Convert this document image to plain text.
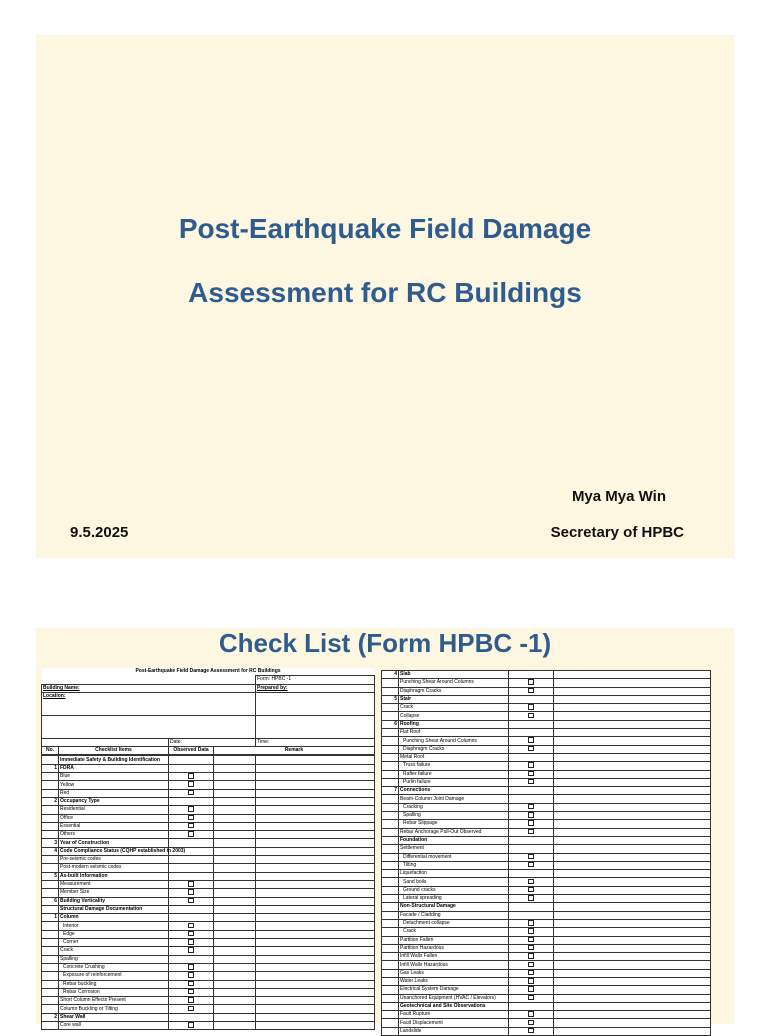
Post-Earthquake Field Damage
Assessment for RC Buildings
Mya Mya Win
9.5.2025	Secretary of HPBC
Check List (Form HPBC -1)
Post-Earthquake Field Damage Assessment for RC Buildings				
				Form: HPBC -1
Building Name:				Prepared by:
Location:				

		Date:		Time:
No.	Checklist Items	Observed Data	Remark	
	Immediate Safety & Building Identification			
1	FDRA			
	Blue			
	Yellow			
	Red			
2	Occupancy Type			
	Residential			
	Office			
	Essential			
	Others			
3	Year of Construction			
4	Code Compliance Status (CQHP established in 2003)			
	Pre-seismic codes			
	Post-modern seismic codes			
5	As-built Information			
	Measurement			
	Member Size			
6	Building Verticality			
	Structural Damage Documentation			
1	Column			
	Interior			
	Edge			
	Corner			
	Crack			
	Spalling			
	Concrete Crushing			
	Exposure of reinforcement			
	Rebar buckling			
	Rebar Corrosion			
	Short Column Effects Present			
	Column Buckling or Tilting			
2	Shear Wall			
	Core wall			
4	Slab		
	Punching Shear Around Columns		
	Diaphragm Cracks		
5	Stair		
	Crack		
	Collapse		
6	Roofing		
	Flat Roof		
	Punching Shear Around Columns		
	Diaphragm Cracks		
	Metal Roof		
	Truss failure		
	Rafter failure		
	Purlin failure		
7	Connections		
	Beam-Column Joint Damage		
	Cracking		
	Spalling		
	Rebar Slippage		
	Rebar Anchorage Pull-Out Observed		
	Foundation		
	Settlement		
	Differential movement		
	Tilting		
	Liquefaction		
	Sand boils		
	Ground cracks		
	Lateral spreading		
	Non-Structural Damage		
	Facade / Cladding		
	Detachment collapse		
	Crack		
	Partition Fallen		
	Partition Hazardous		
	Infill Walls Fallen		
	Infill Walls Hazardous		
	Gas Leaks		
	Water Leaks		
	Electrical System Damage		
	Unanchored Equipment (HVAC / Elevators)		
	Geotechnical and Site Observations		
	Fault Rupture		
	Fault Displacement		
	Landslide		
